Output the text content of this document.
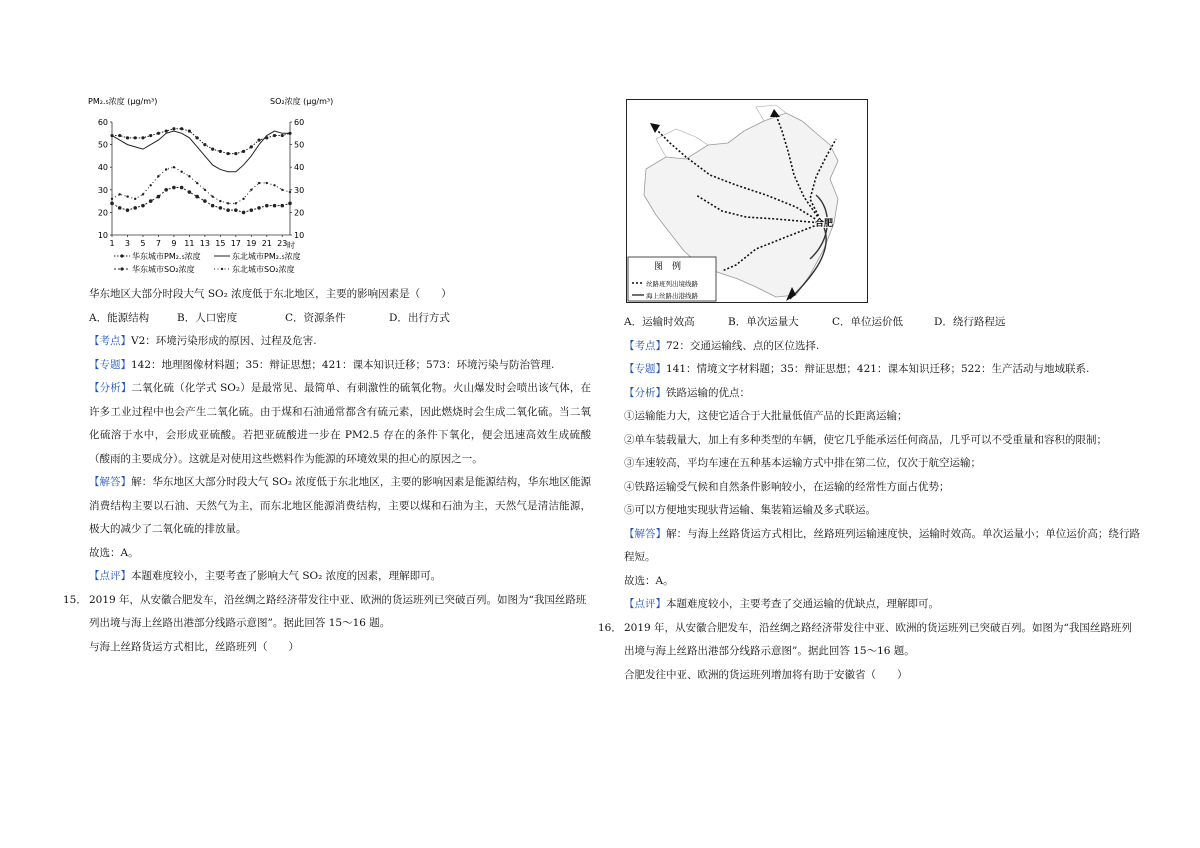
PM₂.₅浓度 (μg/m³)	SO₂浓度 (μg/m³)
10	10
20	20
30	30
40	40
50	50
60	60
1 3 5 7 9 11 13 15 17 19 21 23 时
华东城市PM₂.₅浓度	东北城市PM₂.₅浓度
华东城市SO₂浓度	东北城市SO₂浓度

华东地区大部分时段大气 SO₂ 浓度低于东北地区，主要的影响因素是（　　）

A．能源结构	B．人口密度	C．资源条件	D．出行方式

【考点】V2：环境污染形成的原因、过程及危害.

【专题】142：地理图像材料题；35：辩证思想；421：课本知识迁移；573：环境污染与防治管理.

【分析】二氧化硫（化学式 SO₂）是最常见、最简单、有刺激性的硫氧化物。火山爆发时会喷出该气体，在许多工业过程中也会产生二氧化硫。由于煤和石油通常都含有硫元素，因此燃烧时会生成二氧化硫。当二氧化硫溶于水中，会形成亚硫酸。若把亚硫酸进一步在 PM2.5 存在的条件下氧化，便会迅速高效生成硫酸（酸雨的主要成分）。这就是对使用这些燃料作为能源的环境效果的担心的原因之一。

【解答】解：华东地区大部分时段大气 SO₂ 浓度低于东北地区，主要的影响因素是能源结构，华东地区能源消费结构主要以石油、天然气为主，而东北地区能源消费结构，主要以煤和石油为主，天然气是清洁能源，极大的减少了二氧化硫的排放量。

故选：A。

【点评】本题难度较小，主要考查了影响大气 SO₂ 浓度的因素，理解即可。

15． 2019 年，从安徽合肥发车，沿丝绸之路经济带发往中亚、欧洲的货运班列已突破百列。如图为“我国丝路班列出境与海上丝路出港部分线路示意图”。据此回答 15～16 题。

与海上丝路货运方式相比，丝路班列（　　）

合肥
图　例
丝路班列出境线路
海上丝路出港线路
A．运输时效高	B．单次运量大	C．单位运价低	D．绕行路程远

【考点】72：交通运输线、点的区位选择.

【专题】141：情境文字材料题；35：辩证思想；421：课本知识迁移；522：生产活动与地域联系.

【分析】铁路运输的优点：

①运输能力大，这使它适合于大批量低值产品的长距离运输；

②单车装载量大，加上有多种类型的车辆，使它几乎能承运任何商品，几乎可以不受重量和容积的限制；

③车速较高，平均车速在五种基本运输方式中排在第二位，仅次于航空运输；

④铁路运输受气候和自然条件影响较小，在运输的经常性方面占优势；

⑤可以方便地实现驮背运输、集装箱运输及多式联运。

【解答】解：与海上丝路货运方式相比，丝路班列运输速度快，运输时效高。单次运量小；单位运价高；绕行路程短。

故选：A。

【点评】本题难度较小，主要考查了交通运输的优缺点，理解即可。

16． 2019 年，从安徽合肥发车，沿丝绸之路经济带发往中亚、欧洲的货运班列已突破百列。如图为“我国丝路班列出境与海上丝路出港部分线路示意图”。据此回答 15～16 题。

合肥发往中亚、欧洲的货运班列增加将有助于安徽省（　　）
